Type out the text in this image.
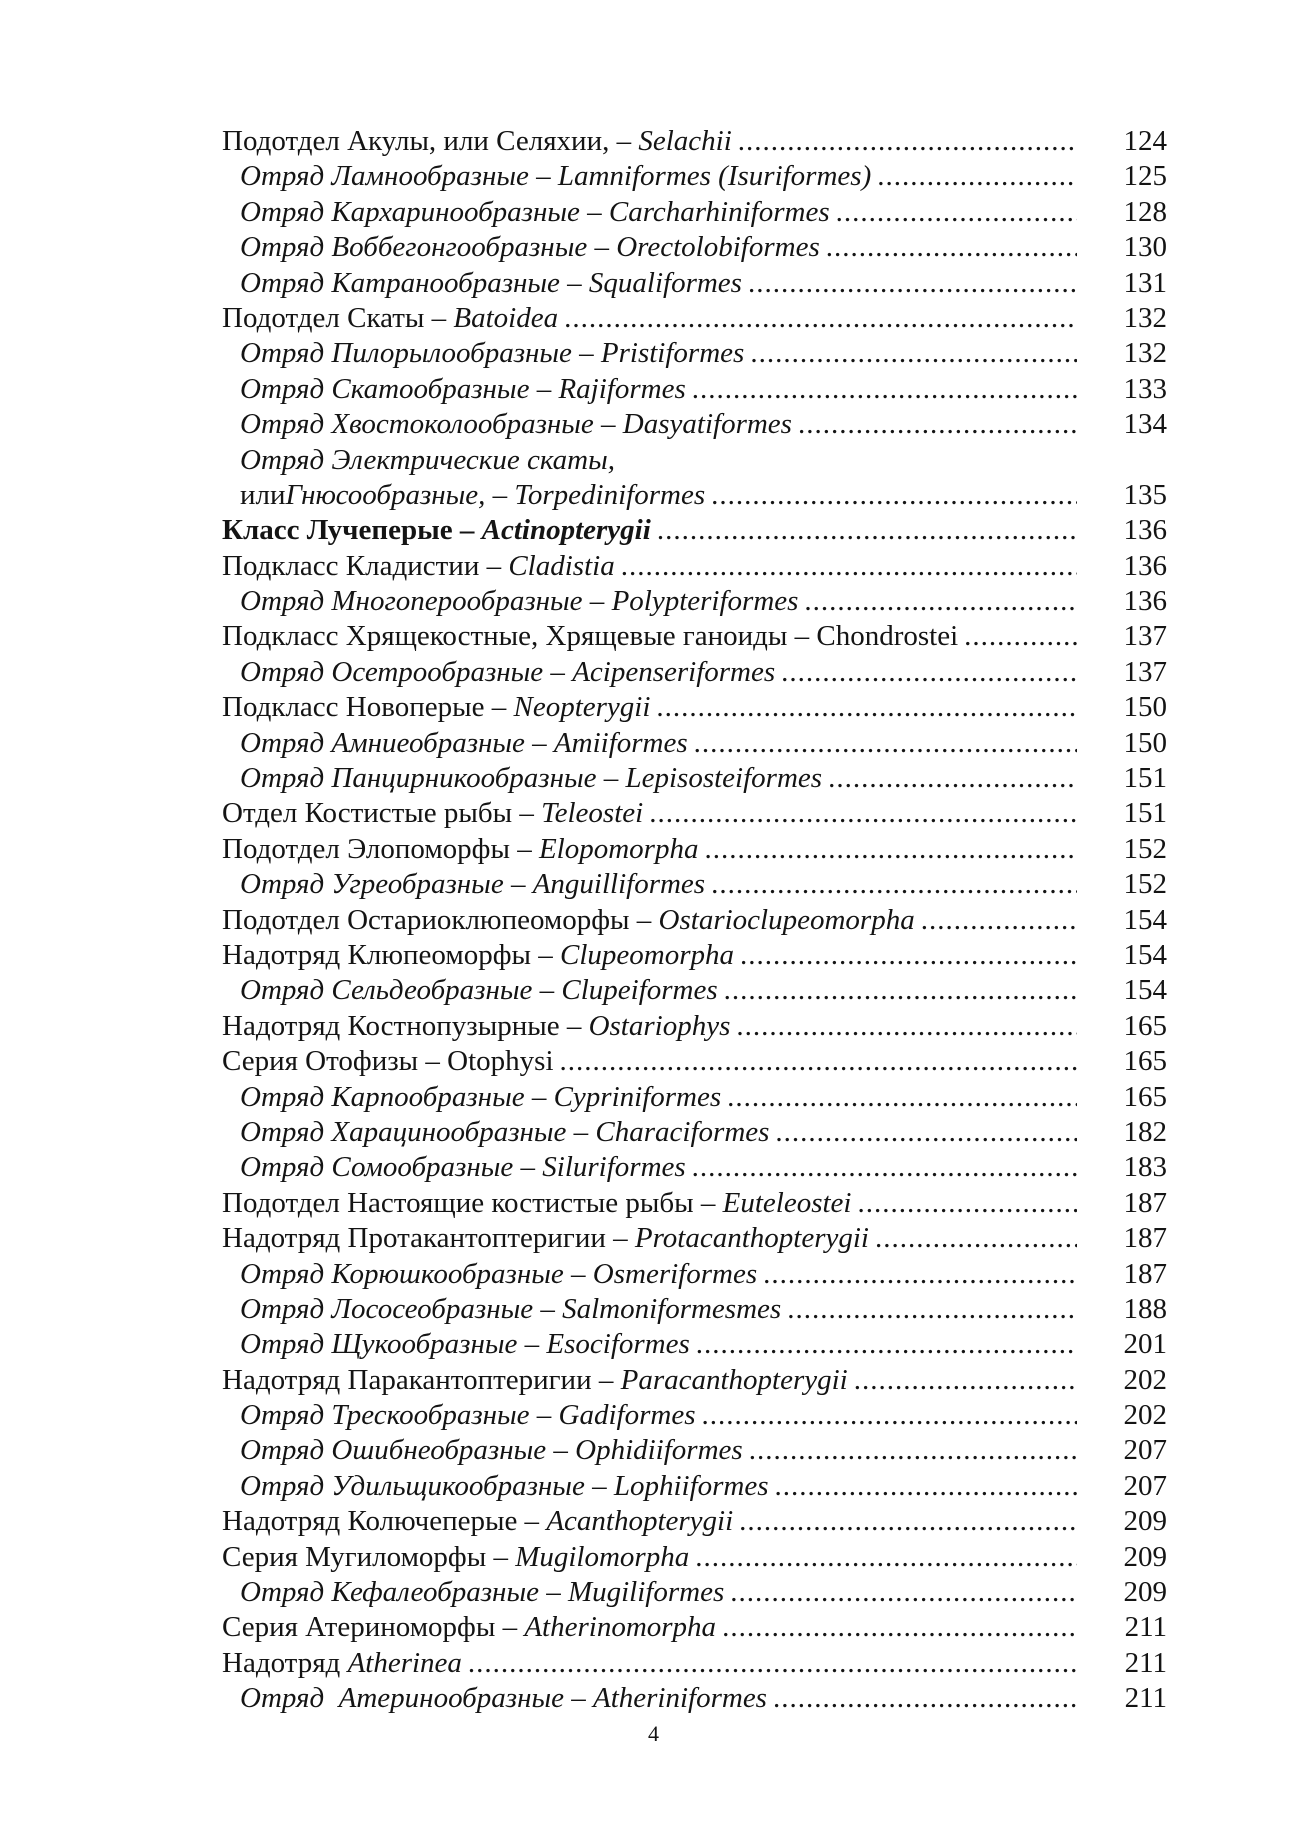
Подотдел Акулы, или Селяхии, – Selachii .....	124
Отряд Ламнообразные – Lamniformes (Isuriformes) .....	125
Отряд Кархаринообразные – Carcharhiniformes .....	128
Отряд Воббегонгообразные – Orectolobiformes .....	130
Отряд Катранообразные – Squaliformes .....	131
Подотдел Скаты – Batoidea .....	132
Отряд Пилорылообразные – Pristiformes .....	132
Отряд Скатообразные – Rajiformes .....	133
Отряд Хвостоколообразные – Dasyatiformes .....	134
Отряд Электрические скаты,
или Гнюсообразные, – Torpediniformes .....	135
Класс Лучеперые – Actinopterygii .....	136
Подкласс Кладистии – Cladistia .....	136
Отряд Многоперообразные – Polypteriformes .....	136
Подкласс Хрящекостные, Хрящевые ганоиды – Chondrostei .....	137
Отряд Осетрообразные – Acipenseriformes .....	137
Подкласс Новоперые – Neopterygii .....	150
Отряд Амниеобразные – Amiiformes .....	150
Отряд Панцирникообразные – Lepisosteiformes .....	151
Отдел Костистые рыбы – Teleostei .....	151
Подотдел Элопоморфы – Elopomorpha .....	152
Отряд Угреобразные – Anguilliformes .....	152
Подотдел Остариоклюпеоморфы – Ostarioclupeomorpha .....	154
Надотряд Клюпеоморфы – Clupeomorpha .....	154
Отряд Сельдеобразные – Clupeiformes .....	154
Надотряд Костнопузырные – Ostariophys .....	165
Серия Отофизы – Otophysi .....	165
Отряд Карпообразные – Cypriniformes .....	165
Отряд Харацинообразные – Characiformes .....	182
Отряд Сомообразные – Siluriformes .....	183
Подотдел Настоящие костистые рыбы – Euteleostei .....	187
Надотряд Протакантоптеригии – Protacanthopterygii .....	187
Отряд Корюшкообразные – Osmeriformes .....	187
Отряд Лососеобразные – Salmoniformesmes .....	188
Отряд Щукообразные – Esociformes .....	201
Надотряд Паракантоптеригии – Paracanthopterygii .....	202
Отряд Трескообразные – Gadiformes .....	202
Отряд Ошибнеобразные – Ophidiiformes .....	207
Отряд Удильщикообразные – Lophiiformes .....	207
Надотряд Колючеперые – Acanthopterygii .....	209
Серия Мугиломорфы – Mugilomorpha .....	209
Отряд Кефалеобразные – Mugiliformes .....	209
Серия Атериноморфы – Atherinomorpha .....	211
Надотряд Atherinea .....	211
Отряд  Атеринообразные – Atheriniformes .....	211
4
